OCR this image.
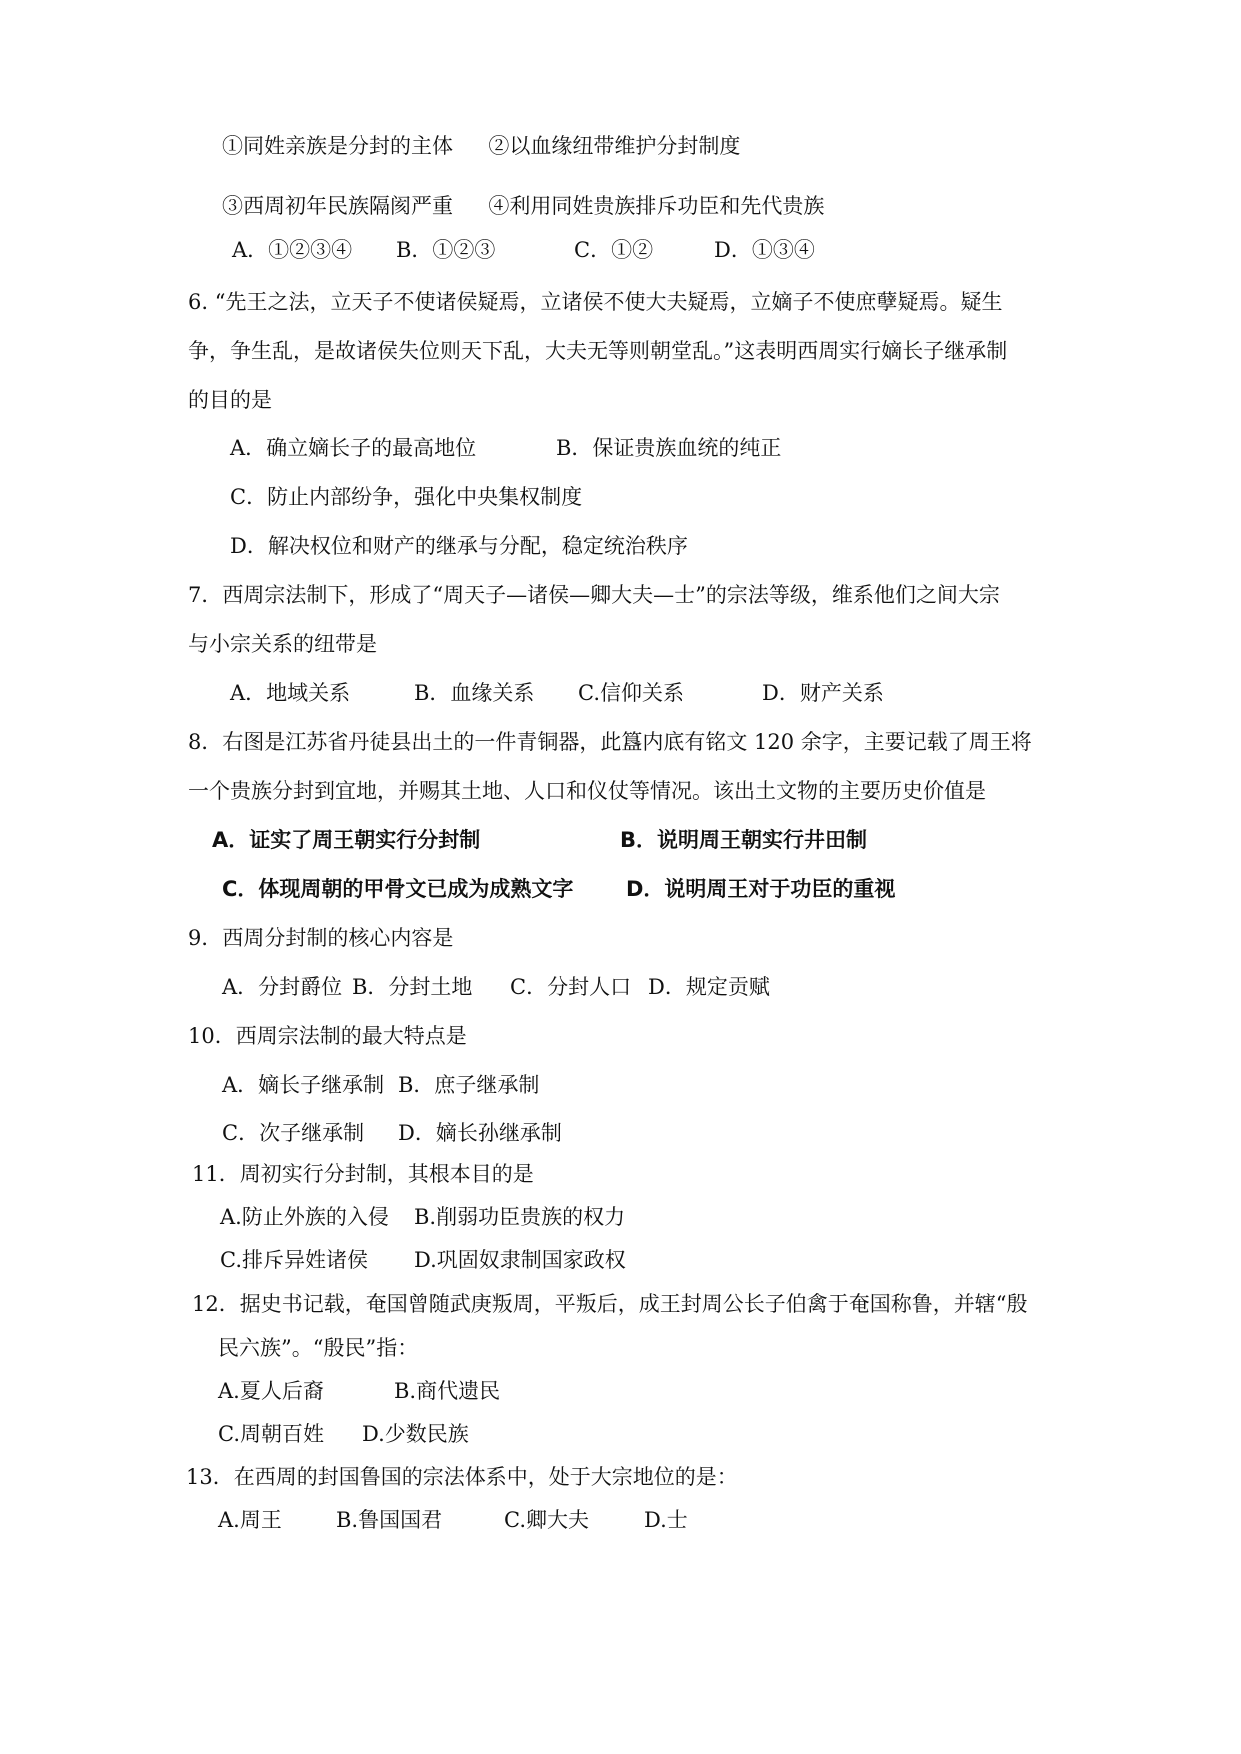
①同姓亲族是分封的主体 ②以血缘纽带维护分封制度
③西周初年民族隔阂严重 ④利用同姓贵族排斥功臣和先代贵族
A．①②③④ B．①②③	C．①②	D．①③④
6. “先王之法，立天子不使诸侯疑焉，立诸侯不使大夫疑焉，立嫡子不使庶孽疑焉。疑生
争，争生乱，是故诸侯失位则天下乱，大夫无等则朝堂乱。”这表明西周实行嫡长子继承制
的目的是
A．确立嫡长子的最高地位	B．保证贵族血统的纯正
C．防止内部纷争，强化中央集权制度
D．解决权位和财产的继承与分配，稳定统治秩序
7．西周宗法制下，形成了“周天子—诸侯—卿大夫—士”的宗法等级，维系他们之间大宗
与小宗关系的纽带是
A．地域关系	B．血缘关系 C.信仰关系	D．财产关系
8．右图是江苏省丹徒县出土的一件青铜器，此簋内底有铭文 120 余字，主要记载了周王将
一个贵族分封到宜地，并赐其土地、人口和仪仗等情况。该出土文物的主要历史价值是
A．证实了周王朝实行分封制	B．说明周王朝实行井田制
C．体现周朝的甲骨文已成为成熟文字	D．说明周王对于功臣的重视
9．西周分封制的核心内容是
A．分封爵位 B．分封土地 C．分封人口 D．规定贡赋
10．西周宗法制的最大特点是
A．嫡长子继承制 B．庶子继承制
C．次子继承制 D．嫡长孙继承制
11．周初实行分封制，其根本目的是
A.防止外族的入侵 B.削弱功臣贵族的权力
C.排斥异姓诸侯 D.巩固奴隶制国家政权
12．据史书记载，奄国曾随武庚叛周，平叛后，成王封周公长子伯禽于奄国称鲁，并辖“殷
民六族”。“殷民”指：
A.夏人后裔	B.商代遗民
C.周朝百姓 D.少数民族
13．在西周的封国鲁国的宗法体系中，处于大宗地位的是：
A.周王	B.鲁国国君	C.卿大夫	D.士
